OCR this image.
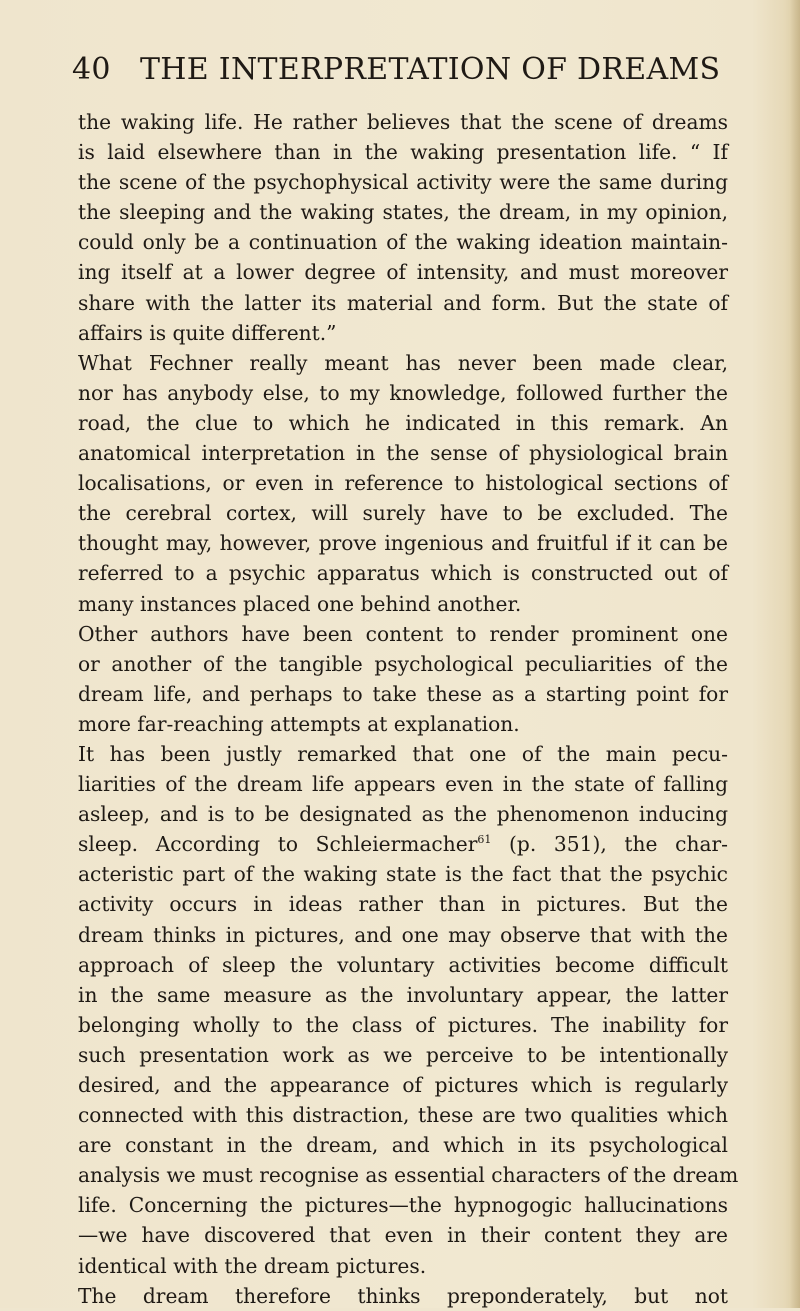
40 THE INTERPRETATION OF DREAMS
the waking life. He rather believes that the scene of dreams
is laid elsewhere than in the waking presentation life. “ If
the scene of the psychophysical activity were the same during
the sleeping and the waking states, the dream, in my opinion,
could only be a continuation of the waking ideation maintain-
ing itself at a lower degree of intensity, and must moreover
share with the latter its material and form. But the state of
affairs is quite different.”
What Fechner really meant has never been made clear,
nor has anybody else, to my knowledge, followed further the
road, the clue to which he indicated in this remark. An
anatomical interpretation in the sense of physiological brain
localisations, or even in reference to histological sections of
the cerebral cortex, will surely have to be excluded. The
thought may, however, prove ingenious and fruitful if it can be
referred to a psychic apparatus which is constructed out of
many instances placed one behind another.
Other authors have been content to render prominent one
or another of the tangible psychological peculiarities of the
dream life, and perhaps to take these as a starting point for
more far-reaching attempts at explanation.
It has been justly remarked that one of the main pecu-
liarities of the dream life appears even in the state of falling
asleep, and is to be designated as the phenomenon inducing
sleep. According to Schleiermacher$^{61}$ (p. 351), the char-
acteristic part of the waking state is the fact that the psychic
activity occurs in ideas rather than in pictures. But the
dream thinks in pictures, and one may observe that with the
approach of sleep the voluntary activities become difficult
in the same measure as the involuntary appear, the latter
belonging wholly to the class of pictures. The inability for
such presentation work as we perceive to be intentionally
desired, and the appearance of pictures which is regularly
connected with this distraction, these are two qualities which
are constant in the dream, and which in its psychological
analysis we must recognise as essential characters of the dream
life. Concerning the pictures—the hypnogogic hallucinations
—we have discovered that even in their content they are
identical with the dream pictures.
The dream therefore thinks preponderately, but not
